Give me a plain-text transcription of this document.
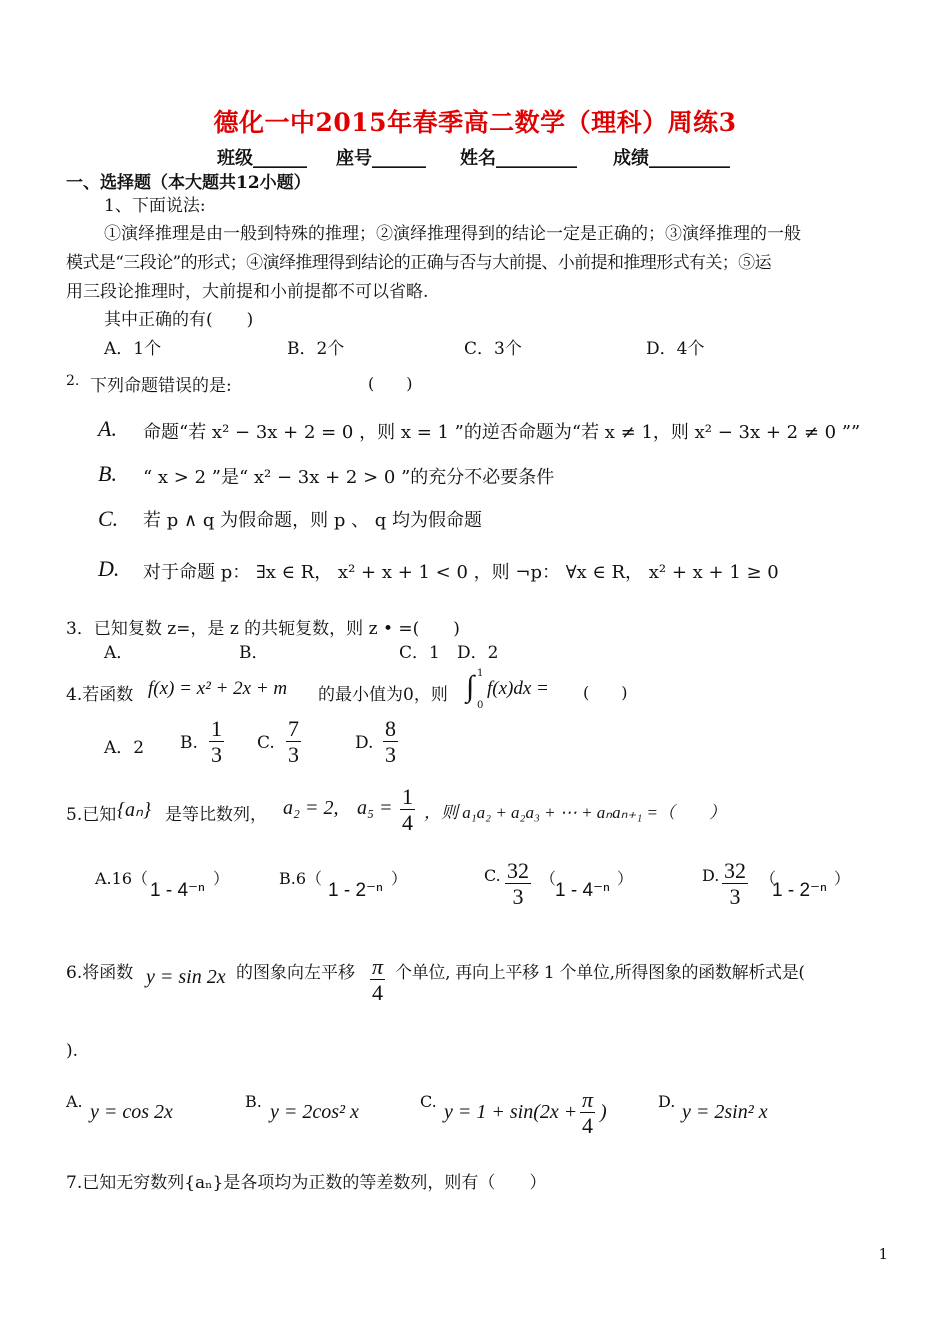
德化一中2015年春季高二数学（理科）周练3
班级______ 座号______ 姓名_________ 成绩_________
一、选择题（本大题共12小题）
1、下面说法:
①演绎推理是由一般到特殊的推理；②演绎推理得到的结论一定是正确的；③演绎推理的一般
模式是“三段论”的形式；④演绎推理得到结论的正确与否与大前提、小前提和推理形式有关；⑤运
用三段论推理时，大前提和小前提都不可以省略.
其中正确的有(　　)
A．1个	B．2个	C．3个	D．4个
2. 下列命题错误的是:	(　　)
A. 命题“若 x² − 3x + 2 = 0 ，则 x = 1 ”的逆否命题为“若 x ≠ 1，则 x² − 3x + 2 ≠ 0 ””
B. “ x > 2 ”是“ x² − 3x + 2 > 0 ”的充分不必要条件
C. 若 p ∧ q 为假命题，则 p 、 q 均为假命题
D. 对于命题 p： ∃x ∈ R， x² + x + 1 < 0 ，则 ¬p： ∀x ∈ R， x² + x + 1 ≥ 0
3．已知复数 z=，是 z 的共轭复数，则 z • =(　　)
A．	B．	C．1 D．2
4.若函数 f(x) = x² + 2x + m 的最小值为0，则
1
∫
0
f(x)dx = (　　)
A．2 B. $\frac{1}{3} C$. $\frac{7}{3}$	D. $\frac{8}{3}$
5.已知 {aₙ} 是等比数列， a₂ = 2, $a_5 = \frac{1}{4}$ ，则 a₁a₂ + a₂a₃ + ⋯ + aₙaₙ₊₁ =（　　）
A.16（
1 - 4⁻ⁿ
）	B.6（
1 - 2⁻ⁿ
）	C. $\frac{32}{3}$ （
1 - 4⁻ⁿ
）	D. $\frac{32}{3}$ （
1 - 2⁻ⁿ
）
6.将函数 y = sin 2x 的图象向左平移 $\frac{\pi}{4}$ 个单位, 再向上平移 1 个单位,所得图象的函数解析式是(
).
A. y = cos 2x	B. y = 2cos² x	C. $y = 1 + \sin(2x + \frac{\pi}{4}$ )	D. y = 2sin² x
7.已知无穷数列{aₙ}是各项均为正数的等差数列，则有（　　）
1
